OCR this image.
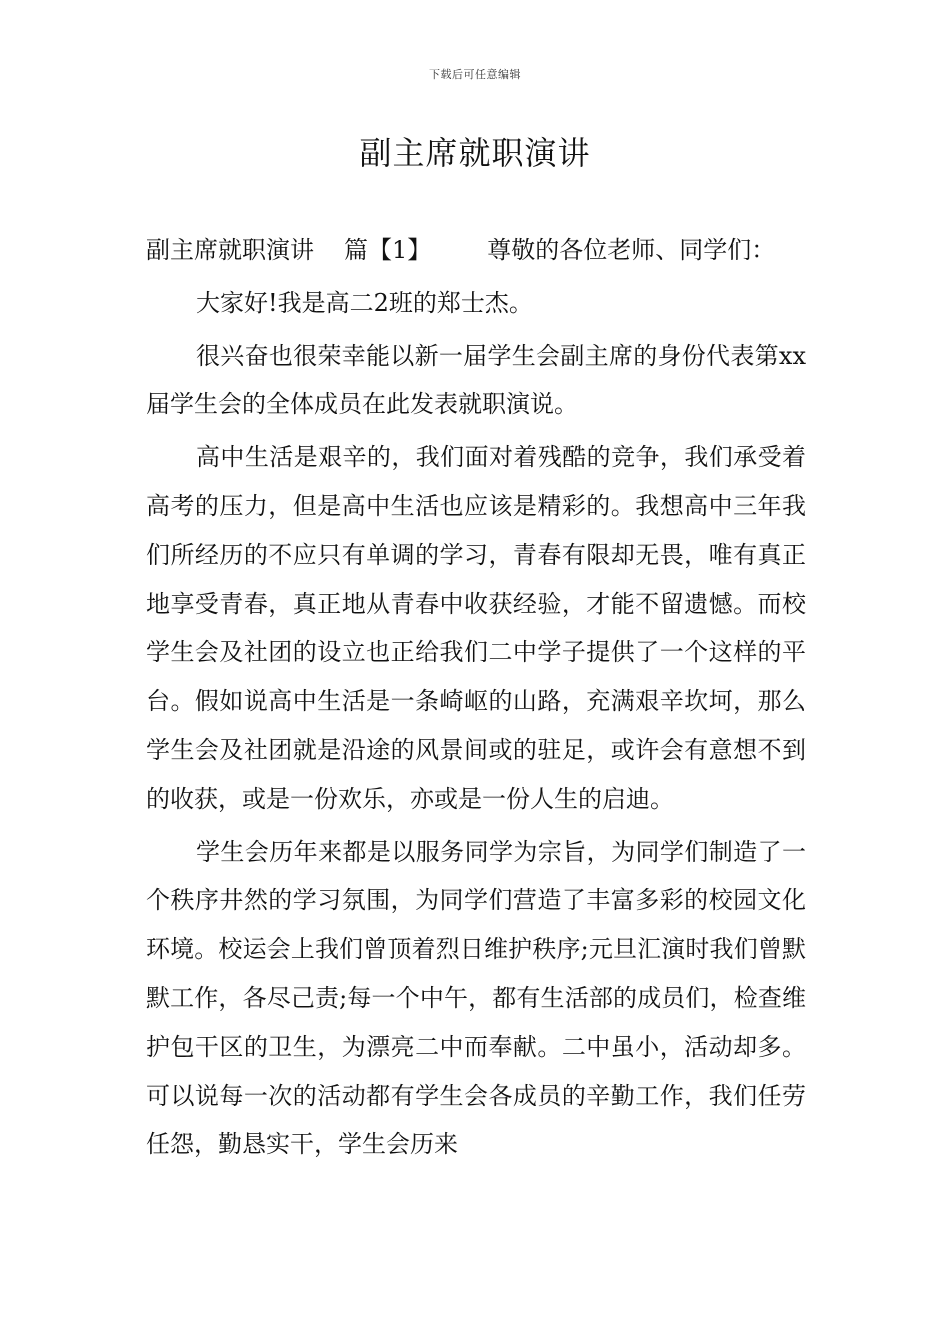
下载后可任意编辑
副主席就职演讲

副主席就职演讲 篇【1】 尊敬的各位老师、同学们：

大家好!我是高二2班的郑士杰。

很兴奋也很荣幸能以新一届学生会副主席的身份代表第xx届学生会的全体成员在此发表就职演说。

高中生活是艰辛的，我们面对着残酷的竞争，我们承受着高考的压力，但是高中生活也应该是精彩的。我想高中三年我们所经历的不应只有单调的学习，青春有限却无畏，唯有真正地享受青春，真正地从青春中收获经验，才能不留遗憾。而校学生会及社团的设立也正给我们二中学子提供了一个这样的平台。假如说高中生活是一条崎岖的山路，充满艰辛坎坷，那么学生会及社团就是沿途的风景间或的驻足，或许会有意想不到的收获，或是一份欢乐，亦或是一份人生的启迪。

学生会历年来都是以服务同学为宗旨，为同学们制造了一个秩序井然的学习氛围，为同学们营造了丰富多彩的校园文化环境。校运会上我们曾顶着烈日维护秩序;元旦汇演时我们曾默默工作，各尽己责;每一个中午，都有生活部的成员们，检查维护包干区的卫生，为漂亮二中而奉献。二中虽小，活动却多。可以说每一次的活动都有学生会各成员的辛勤工作，我们任劳任怨，勤恳实干，学生会历来
